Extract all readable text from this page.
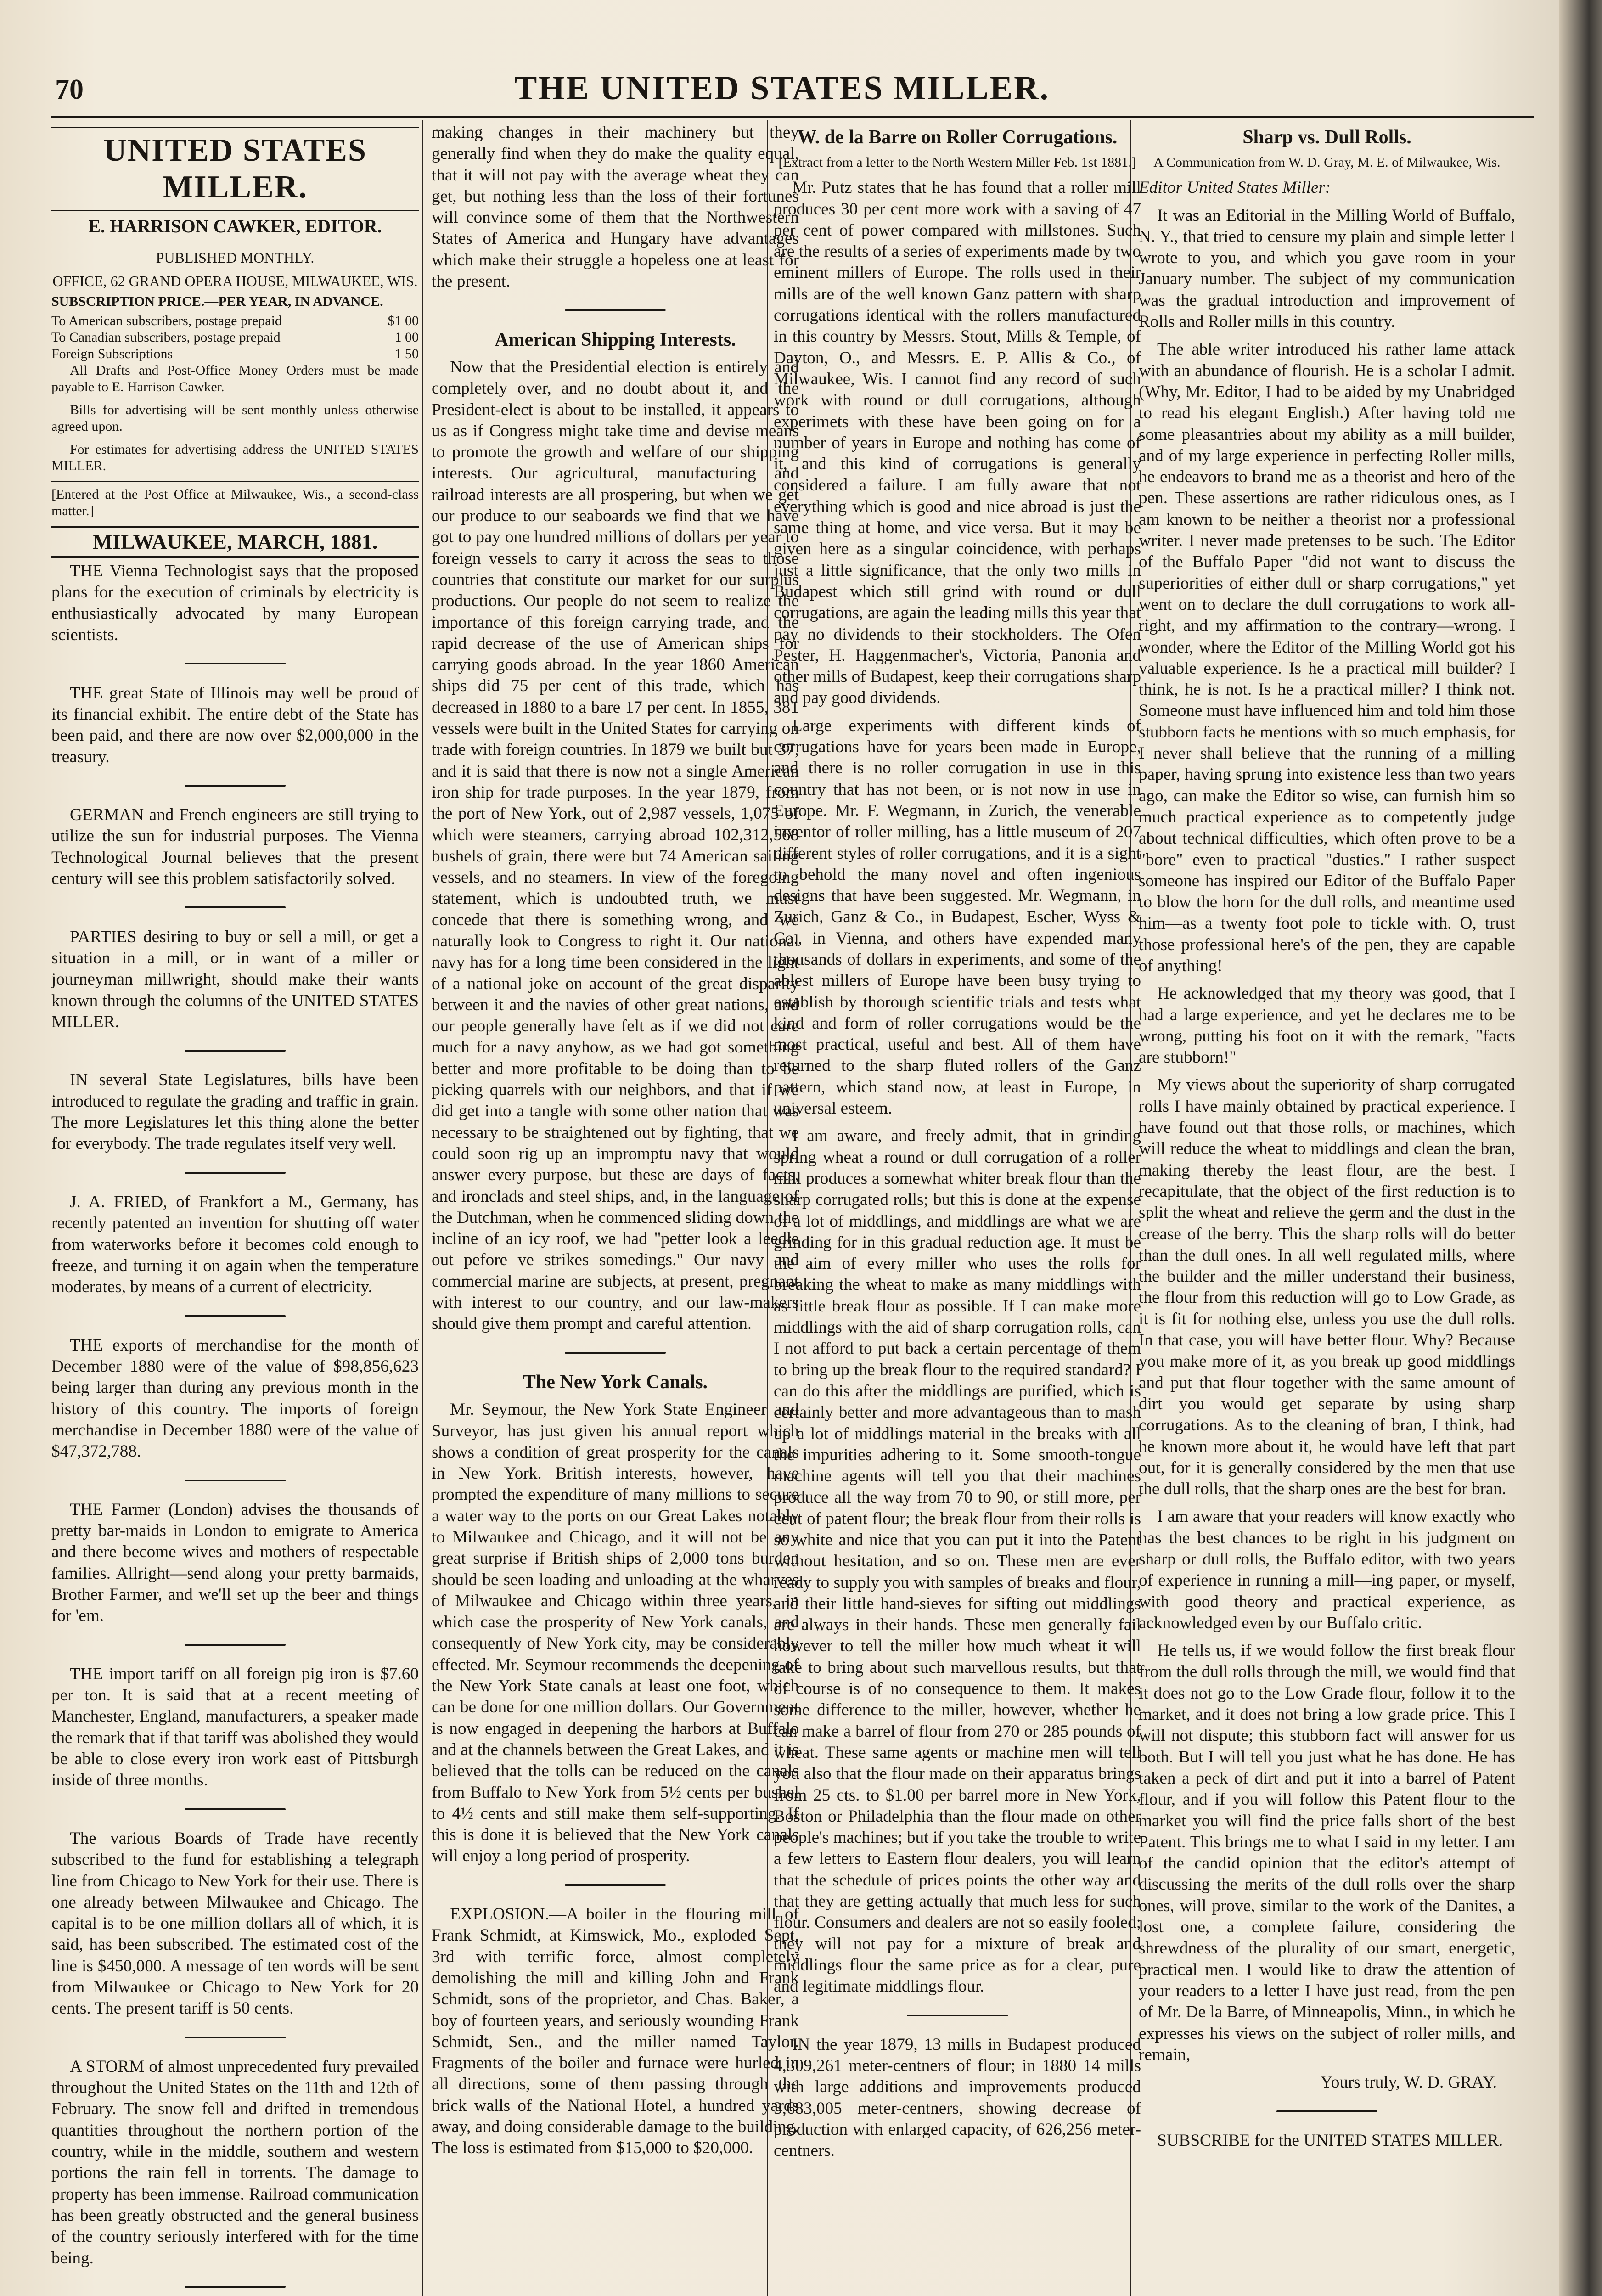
70	THE UNITED STATES MILLER.
UNITED STATES MILLER.
E. HARRISON CAWKER, EDITOR.
PUBLISHED MONTHLY.
OFFICE, 62 GRAND OPERA HOUSE, MILWAUKEE, WIS.
SUBSCRIPTION PRICE.—PER YEAR, IN ADVANCE.
To American subscribers, postage prepaid	$1 00
To Canadian subscribers, postage prepaid	1 00
Foreign Subscriptions	1 50

All Drafts and Post-Office Money Orders must be made payable to E. Harrison Cawker.

Bills for advertising will be sent monthly unless otherwise agreed upon.

For estimates for advertising address the UNITED STATES MILLER.

[Entered at the Post Office at Milwaukee, Wis., a second-class matter.]

MILWAUKEE, MARCH, 1881.

THE Vienna Technologist says that the proposed plans for the execution of criminals by electricity is enthusiastically advocated by many European scientists.

THE great State of Illinois may well be proud of its financial exhibit. The entire debt of the State has been paid, and there are now over $2,000,000 in the treasury.

GERMAN and French engineers are still trying to utilize the sun for industrial purposes. The Vienna Technological Journal believes that the present century will see this problem satisfactorily solved.

PARTIES desiring to buy or sell a mill, or get a situation in a mill, or in want of a miller or journeyman millwright, should make their wants known through the columns of the UNITED STATES MILLER.

IN several State Legislatures, bills have been introduced to regulate the grading and traffic in grain. The more Legislatures let this thing alone the better for everybody. The trade regulates itself very well.

J. A. FRIED, of Frankfort a M., Germany, has recently patented an invention for shutting off water from waterworks before it becomes cold enough to freeze, and turning it on again when the temperature moderates, by means of a current of electricity.

THE exports of merchandise for the month of December 1880 were of the value of $98,856,623 being larger than during any previous month in the history of this country. The imports of foreign merchandise in December 1880 were of the value of $47,372,788.

THE Farmer (London) advises the thousands of pretty bar-maids in London to emigrate to America and there become wives and mothers of respectable families. Allright—send along your pretty barmaids, Brother Farmer, and we'll set up the beer and things for 'em.

THE import tariff on all foreign pig iron is $7.60 per ton. It is said that at a recent meeting of Manchester, England, manufacturers, a speaker made the remark that if that tariff was abolished they would be able to close every iron work east of Pittsburgh inside of three months.

The various Boards of Trade have recently subscribed to the fund for establishing a telegraph line from Chicago to New York for their use. There is one already between Milwaukee and Chicago. The capital is to be one million dollars all of which, it is said, has been subscribed. The estimated cost of the line is $450,000. A message of ten words will be sent from Milwaukee or Chicago to New York for 20 cents. The present tariff is 50 cents.

A STORM of almost unprecedented fury prevailed throughout the United States on the 11th and 12th of February. The snow fell and drifted in tremendous quantities throughout the northern portion of the country, while in the middle, southern and western portions the rain fell in torrents. The damage to property has been immense. Railroad communication has been greatly obstructed and the general business of the country seriously interfered with for the time being.

making changes in their machinery but they generally find when they do make the quality equal, that it will not pay with the average wheat they can get, but nothing less than the loss of their fortunes will convince some of them that the Northwestern States of America and Hungary have advantages which make their struggle a hopeless one at least for the present.

American Shipping Interests.

Now that the Presidential election is entirely and completely over, and no doubt about it, and the President-elect is about to be installed, it appears to us as if Congress might take time and devise means to promote the growth and welfare of our shipping interests. Our agricultural, manufacturing and railroad interests are all prospering, but when we get our produce to our seaboards we find that we have got to pay one hundred millions of dollars per year to foreign vessels to carry it across the seas to those countries that constitute our market for our surplus productions. Our people do not seem to realize the importance of this foreign carrying trade, and the rapid decrease of the use of American ships for carrying goods abroad. In the year 1860 American ships did 75 per cent of this trade, which has decreased in 1880 to a bare 17 per cent. In 1855, 381 vessels were built in the United States for carrying on trade with foreign countries. In 1879 we built but 37, and it is said that there is now not a single American iron ship for trade purposes. In the year 1879, from the port of New York, out of 2,987 vessels, 1,075 of which were steamers, carrying abroad 102,312,568 bushels of grain, there were but 74 American sailing vessels, and no steamers. In view of the foregoing statement, which is undoubted truth, we must concede that there is something wrong, and we naturally look to Congress to right it. Our national navy has for a long time been considered in the light of a national joke on account of the great disparity between it and the navies of other great nations, and our people generally have felt as if we did not care much for a navy anyhow, as we had got something better and more profitable to be doing than to be picking quarrels with our neighbors, and that if we did get into a tangle with some other nation that was necessary to be straightened out by fighting, that we could soon rig up an impromptu navy that would answer every purpose, but these are days of facts, and ironclads and steel ships, and, in the language of the Dutchman, when he commenced sliding down the incline of an icy roof, we had "petter look a leedle out pefore ve strikes somedings." Our navy and commercial marine are subjects, at present, pregnant with interest to our country, and our law-makers should give them prompt and careful attention.

The New York Canals.

Mr. Seymour, the New York State Engineer and Surveyor, has just given his annual report which shows a condition of great prosperity for the canals in New York. British interests, however, have prompted the expenditure of many millions to secure a water way to the ports on our Great Lakes notably to Milwaukee and Chicago, and it will not be any great surprise if British ships of 2,000 tons burden should be seen loading and unloading at the wharves of Milwaukee and Chicago within three years, in which case the prosperity of New York canals, and consequently of New York city, may be considerably effected. Mr. Seymour recommends the deepening of the New York State canals at least one foot, which can be done for one million dollars. Our Government is now engaged in deepening the harbors at Buffalo and at the channels between the Great Lakes, and it is believed that the tolls can be reduced on the canals from Buffalo to New York from 5½ cents per bushel to 4½ cents and still make them self-supporting. If this is done it is believed that the New York canals will enjoy a long period of prosperity.

EXPLOSION.—A boiler in the flouring mill of Frank Schmidt, at Kimswick, Mo., exploded Sept. 3rd with terrific force, almost completely demolishing the mill and killing John and Frank Schmidt, sons of the proprietor, and Chas. Baker, a boy of fourteen years, and seriously wounding Frank Schmidt, Sen., and the miller named Taylor. Fragments of the boiler and furnace were hurled in all directions, some of them passing through the brick walls of the National Hotel, a hundred yards away, and doing considerable damage to the building. The loss is estimated from $15,000 to $20,000.

W. de la Barre on Roller Corrugations.
[Extract from a letter to the North Western Miller Feb. 1st 1881.]

Mr. Putz states that he has found that a roller mill produces 30 per cent more work with a saving of 47 per cent of power compared with millstones. Such are the results of a series of experiments made by two eminent millers of Europe. The rolls used in their mills are of the well known Ganz pattern with sharp corrugations identical with the rollers manufactured in this country by Messrs. Stout, Mills & Temple, of Dayton, O., and Messrs. E. P. Allis & Co., of Milwaukee, Wis. I cannot find any record of such work with round or dull corrugations, although experimets with these have been going on for a number of years in Europe and nothing has come of it, and this kind of corrugations is generally considered a failure. I am fully aware that not everything which is good and nice abroad is just the same thing at home, and vice versa. But it may be given here as a singular coincidence, with perhaps just a little significance, that the only two mills in Budapest which still grind with round or dull corrugations, are again the leading mills this year that pay no dividends to their stockholders. The Ofen Pester, H. Haggenmacher's, Victoria, Panonia and other mills of Budapest, keep their corrugations sharp and pay good dividends.

Large experiments with different kinds of corrugations have for years been made in Europe, and there is no roller corrugation in use in this country that has not been, or is not now in use in Europe. Mr. F. Wegmann, in Zurich, the venerable inventor of roller milling, has a little museum of 207 different styles of roller corrugations, and it is a sight to behold the many novel and often ingenious designs that have been suggested. Mr. Wegmann, in Zurich, Ganz & Co., in Budapest, Escher, Wyss & Co., in Vienna, and others have expended many thousands of dollars in experiments, and some of the ablest millers of Europe have been busy trying to establish by thorough scientific trials and tests what kind and form of roller corrugations would be the most practical, useful and best. All of them have returned to the sharp fluted rollers of the Ganz pattern, which stand now, at least in Europe, in universal esteem.

I am aware, and freely admit, that in grinding spring wheat a round or dull corrugation of a roller mill produces a somewhat whiter break flour than the sharp corrugated rolls; but this is done at the expense of a lot of middlings, and middlings are what we are grinding for in this gradual reduction age. It must be the aim of every miller who uses the rolls for breaking the wheat to make as many middlings with as little break flour as possible. If I can make more middlings with the aid of sharp corrugation rolls, can I not afford to put back a certain percentage of them to bring up the break flour to the required standard? I can do this after the middlings are purified, which is certainly better and more advantageous than to mash up a lot of middlings material in the breaks with all the impurities adhering to it. Some smooth-tongue machine agents will tell you that their machines produce all the way from 70 to 90, or still more, per cent of patent flour; the break flour from their rolls is so white and nice that you can put it into the Patent without hesitation, and so on. These men are ever ready to supply you with samples of breaks and flour, and their little hand-sieves for sifting out middlings are always in their hands. These men generally fail however to tell the miller how much wheat it will take to bring about such marvellous results, but that of course is of no consequence to them. It makes some difference to the miller, however, whether he can make a barrel of flour from 270 or 285 pounds of wheat. These same agents or machine men will tell you also that the flour made on their apparatus brings from 25 cts. to $1.00 per barrel more in New York, Boston or Philadelphia than the flour made on other people's machines; but if you take the trouble to write a few letters to Eastern flour dealers, you will learn that the schedule of prices points the other way and that they are getting actually that much less for such flour. Consumers and dealers are not so easily fooled; they will not pay for a mixture of break and middlings flour the same price as for a clear, pure and legitimate middlings flour.

IN the year 1879, 13 mills in Budapest produced 4,309,261 meter-centners of flour; in 1880 14 mills with large additions and improvements produced 3,683,005 meter-centners, showing decrease of production with enlarged capacity, of 626,256 meter-centners.

Sharp vs. Dull Rolls.
A Communication from W. D. Gray, M. E. of Milwaukee, Wis.

Editor United States Miller:

It was an Editorial in the Milling World of Buffalo, N. Y., that tried to censure my plain and simple letter I wrote to you, and which you gave room in your January number. The subject of my communication was the gradual introduction and improvement of Rolls and Roller mills in this country.

The able writer introduced his rather lame attack with an abundance of flourish. He is a scholar I admit. (Why, Mr. Editor, I had to be aided by my Unabridged to read his elegant English.) After having told me some pleasantries about my ability as a mill builder, and of my large experience in perfecting Roller mills, he endeavors to brand me as a theorist and hero of the pen. These assertions are rather ridiculous ones, as I am known to be neither a theorist nor a professional writer. I never made pretenses to be such. The Editor of the Buffalo Paper "did not want to discuss the superiorities of either dull or sharp corrugations," yet went on to declare the dull corrugations to work all-right, and my affirmation to the contrary—wrong. I wonder, where the Editor of the Milling World got his valuable experience. Is he a practical mill builder? I think, he is not. Is he a practical miller? I think not. Someone must have influenced him and told him those stubborn facts he mentions with so much emphasis, for I never shall believe that the running of a milling paper, having sprung into existence less than two years ago, can make the Editor so wise, can furnish him so much practical experience as to competently judge about technical difficulties, which often prove to be a "bore" even to practical "dusties." I rather suspect someone has inspired our Editor of the Buffalo Paper to blow the horn for the dull rolls, and meantime used him—as a twenty foot pole to tickle with. O, trust those professional here's of the pen, they are capable of anything!

He acknowledged that my theory was good, that I had a large experience, and yet he declares me to be wrong, putting his foot on it with the remark, "facts are stubborn!"

My views about the superiority of sharp corrugated rolls I have mainly obtained by practical experience. I have found out that those rolls, or machines, which will reduce the wheat to middlings and clean the bran, making thereby the least flour, are the best. I recapitulate, that the object of the first reduction is to split the wheat and relieve the germ and the dust in the crease of the berry. This the sharp rolls will do better than the dull ones. In all well regulated mills, where the builder and the miller understand their business, the flour from this reduction will go to Low Grade, as it is fit for nothing else, unless you use the dull rolls. In that case, you will have better flour. Why? Because you make more of it, as you break up good middlings and put that flour together with the same amount of dirt you would get separate by using sharp corrugations. As to the cleaning of bran, I think, had he known more about it, he would have left that part out, for it is generally considered by the men that use the dull rolls, that the sharp ones are the best for bran.

I am aware that your readers will know exactly who has the best chances to be right in his judgment on sharp or dull rolls, the Buffalo editor, with two years of experience in running a mill—ing paper, or myself, with good theory and practical experience, as acknowledged even by our Buffalo critic.

He tells us, if we would follow the first break flour from the dull rolls through the mill, we would find that it does not go to the Low Grade flour, follow it to the market, and it does not bring a low grade price. This I will not dispute; this stubborn fact will answer for us both. But I will tell you just what he has done. He has taken a peck of dirt and put it into a barrel of Patent flour, and if you will follow this Patent flour to the market you will find the price falls short of the best Patent. This brings me to what I said in my letter. I am of the candid opinion that the editor's attempt of discussing the merits of the dull rolls over the sharp ones, will prove, similar to the work of the Danites, a lost one, a complete failure, considering the shrewdness of the plurality of our smart, energetic, practical men. I would like to draw the attention of your readers to a letter I have just read, from the pen of Mr. De la Barre, of Minneapolis, Minn., in which he expresses his views on the subject of roller mills, and remain,

Yours truly, W. D. GRAY.

SUBSCRIBE for the UNITED STATES MILLER.
